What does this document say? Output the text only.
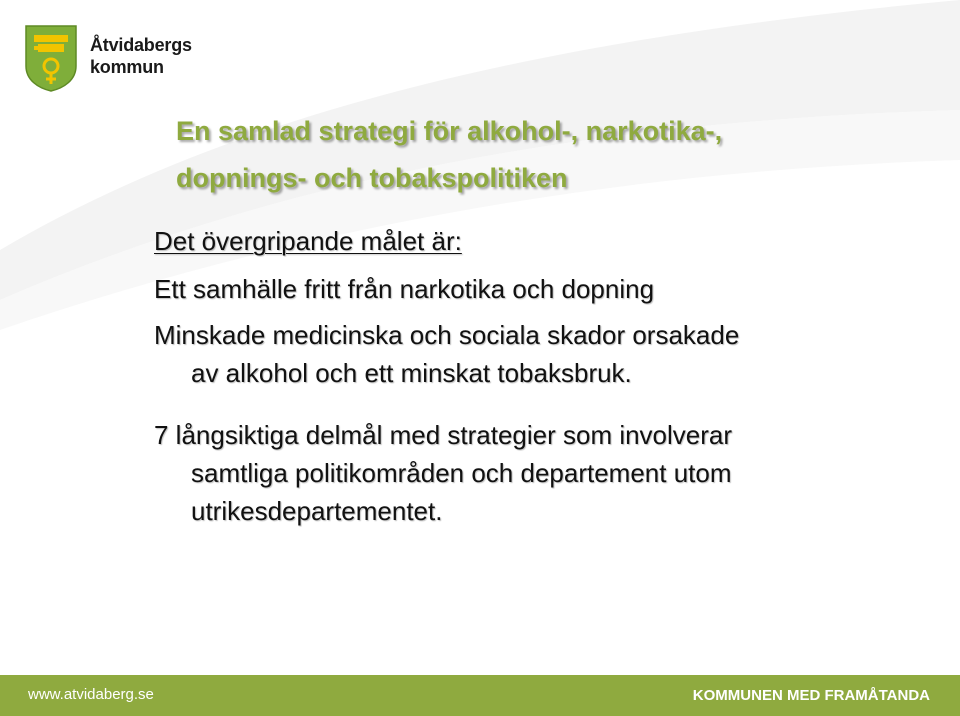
Åtvidabergs
kommun
En samlad strategi för alkohol-, narkotika-,
dopnings- och tobakspolitiken
Det övergripande målet är:
Ett samhälle fritt från narkotika och dopning
Minskade medicinska och sociala skador orsakade
av alkohol och ett minskat tobaksbruk.
7 långsiktiga delmål med strategier som involverar
samtliga politikområden och departement utom
utrikesdepartementet.
www.atvidaberg.se	KOMMUNEN MED FRAMÅTANDA
